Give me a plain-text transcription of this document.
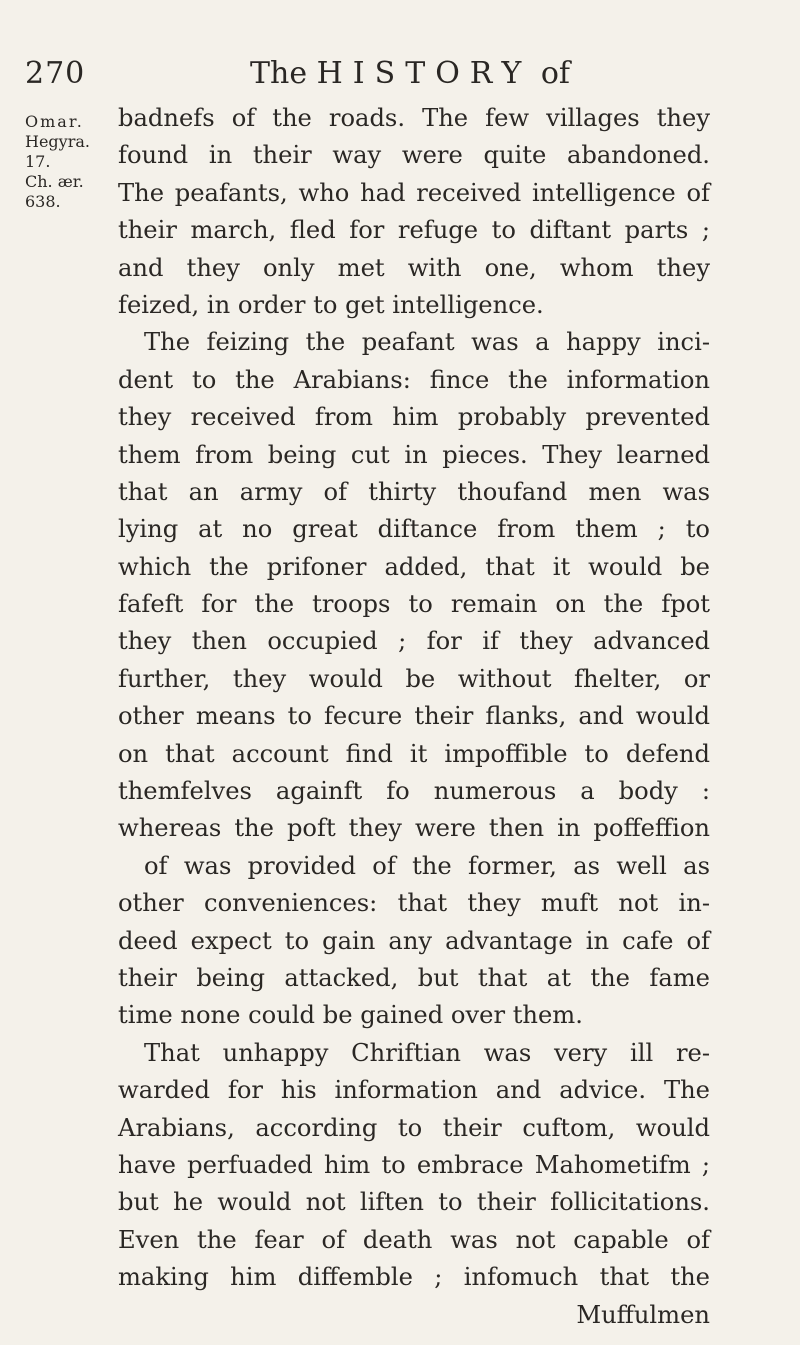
270	The HISTORY of
Omar.
Hegyra. 17.
Ch. ær. 638.
badnefs of the roads. The few villages they
found in their way were quite abandoned.
The peafants, who had received intelligence of
their march, fled for refuge to diftant parts ;
and they only met with one, whom they
feized, in order to get intelligence.
The feizing the peafant was a happy inci-
dent to the Arabians: fince the information
they received from him probably prevented
them from being cut in pieces. They learned
that an army of thirty thoufand men was
lying at no great diftance from them ; to
which the prifoner added, that it would be
fafeft for the troops to remain on the fpot
they then occupied ; for if they advanced
further, they would be without fhelter, or
other means to fecure their flanks, and would
on that account find it impoffible to defend
themfelves againft fo numerous a body :
whereas the poft they were then in poffeffion
of was provided of the former, as well as
other conveniences: that they muft not in-
deed expect to gain any advantage in cafe of
their being attacked, but that at the fame
time none could be gained over them.
That unhappy Chriftian was very ill re-
warded for his information and advice. The
Arabians, according to their cuftom, would
have perfuaded him to embrace Mahometifm ;
but he would not liften to their follicitations.
Even the fear of death was not capable of
making him diffemble ; infomuch that the
Muffulmen
